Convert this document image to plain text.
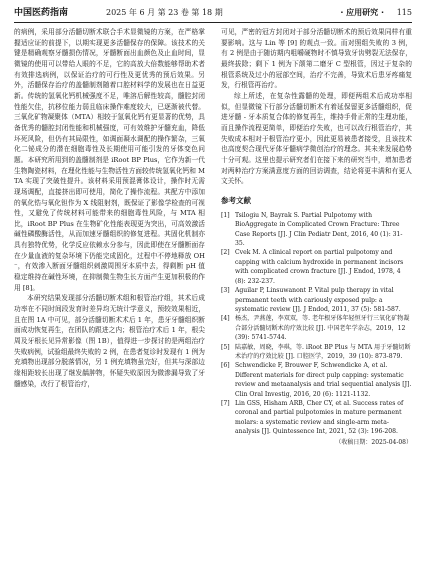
中国医药指南	2025 年 6 月 第 23 卷 第 18 期	· 应用研究 · 115

的病例，采用部分活髓切断术联合手术显微镜的方案，在严格掌握适应证的前提下，以期实现更多活髓保存的保障。该技术的关键是精确观察牙髓损伤情况，牙髓断面出血颜色及止血时间，显微镜的使用可以带给人眼的不足，它的高放大倍数能够帮助术者有效排选病例，以保证治疗的可行性及更优秀的预后效果。另外，活髓保存治疗的盖髓制剂随着口腔材料学的发展也在日益更新。传统的氢氧化钙机械强度不足，唯溶后解性较高，髓腔封闭性能欠佳，抗移位能力弱且临床操作难度较大，已逐渐被代替。三氧化矿物凝聚体（MTA）相较于氢氧化钙有更显著的优势，具备优秀的髓腔封闭性能和机械强度，可有效维护牙髓充血，降低坏死风险，但仍有其局限性，如调面凝水调配的操作繁杂，三氧化二铋成分的潜在细胞毒性及长期使用可能引发的牙体变色问题。本研究所用到的盖髓制剂是 iRoot BP Plus，它作为新一代生物陶瓷材料，在理化性能与生物活性方面较传统氢氧化钙和 MTA 实现了突破性提升。该材料采用预混膏体设计，操作时无需现场调配，直接挤出即可使用，简化了操作流程。其配方中添加的氧化锆与氧化钽作为 X 线阻射剂，既保证了影像学检查的可视性，又避免了传统材料可能带来的细胞毒性风险，与 MTA 相比，iRoot BP Plus 在生物矿化性能表现更为突出，可高效激活碱性磷酸酶活性，从而加速牙髓组织的修复进程。其固化机制亦具有独特优势，化学反应依赖水分参与，因此即使在牙髓断面存在少量血液的复杂环境下仍能完成固化，过程中不停地释放 OH⁻，有效渗入断面牙髓组织刺激周围牙本质中去，得剩断 pH 值稳定维持在碱性环境，在抑制微生物生长方面产生更加积极的作用 [8]。

本研究结果发现部分活髓切断术组和根管治疗组，其术后成功率在不同时间段发育时差异均无统计学意义，预较效果相近，且在图 1A 中可见，部分活髓切断术术后 1 年，患牙牙髓组织断面成功恢复再生，在团队的跟进之内；根管治疗术后 1 年，根尖周及牙根长见异常影像（图 1B），值得进一步探讨的是两组治疗失败病例，试验组最终失败的 2 例，在患者复诊时发现有 1 例为充填物出现部分脱落情况，另 1 例充填物虽完好，但其与深部边缘相距较长出现了继发龋肿物，怀疑失败原因为微渗漏导致了牙髓感染，改行了根管治疗，

可见，严密的冠方封闭对于部分活髓切断术的预后效果同样有重要影响。这与 Lin 等 [9] 的观点一致。而对照组失败的 3 例，有 2 例是由于随访期内咀嚼硬物时不慎导致牙齿劈裂无法保存，最终拔除；剩下 1 例为下颌第二磨牙 C 型根管，因过于复杂的根管系统及过小的冠部空间，治疗不完善，导致术后患牙疼痛复发，行根管再治疗。

综上所述，在复杂性露髓的处理，即便两组术后成功率相似，但显微镜下行部分活髓切断术有着延保留更多活髓组织，促进牙髓 - 牙本质复合体的修复再生，维持手骨正常的生理功能，而且操作流程更简单，即便治疗失败，也可以改行根管治疗，其失败成本相对于根管治疗更小，因此更易被患者接受，且该技术也高度契合现代牙体牙髓病学微创治疗的理念。其未来发展趋势十分可观。这里也提示研究者们在接下来的研究当中，增加患者对两种治疗方案满意度方面的回访调查，结论将更丰满和有更人文关怀。

参考文献
[1] Tsilogiu N, Bayrak S. Partial Pulpotomy with BioAggregate in Complicated Crown Fracture: Three Case Reports [J]. J Clin Pediatr Dent, 2016, 40 (1): 31-35.
[2] Cvek M. A clinical report on partial pulpotomy and capping with calcium hydroxide in permanent incisors with complicated crown fracture [J]. J Endod, 1978, 4 (8): 232-237.
[3] Aguilar P, Linsuwanont P. Vital pulp therapy in vital permanent teeth with cariously exposed pulp: a systematic review [J]. J Endod, 2011, 37 (5): 581-587.
[4] 杨杰，尹燕莲，李双双，等. 老年根牙体年轻恒牙行三氧化矿物凝合部分活髓切断术的疗效比较 [J]. 中国老年学杂志，2019，12 (39): 5741-5744.
[5] 陆嘉敏，周晓，李琪，等. iRoot BP Plus 与 MTA 用于牙髓切断术治疗的疗效比较 [J]. 口腔医学，2019，39 (10): 873-879.
[6] Schwendicke F, Brouwer F, Schwendicke A, et al. Different materials for direct pulp capping: systematic review and metaanalysis and trial sequential analysis [J]. Clin Oral Investig, 2016, 20 (6): 1121-1132.
[7] Lin GSS, Hisham ARB, Cher CY, et al. Success rates of coronal and partial pulpotomies in mature permanent molars: a systematic review and single-arm meta-analysis [J]. Quintessence Int, 2021, 52 (3): 196-208.
（收稿日期：2025-04-08）
